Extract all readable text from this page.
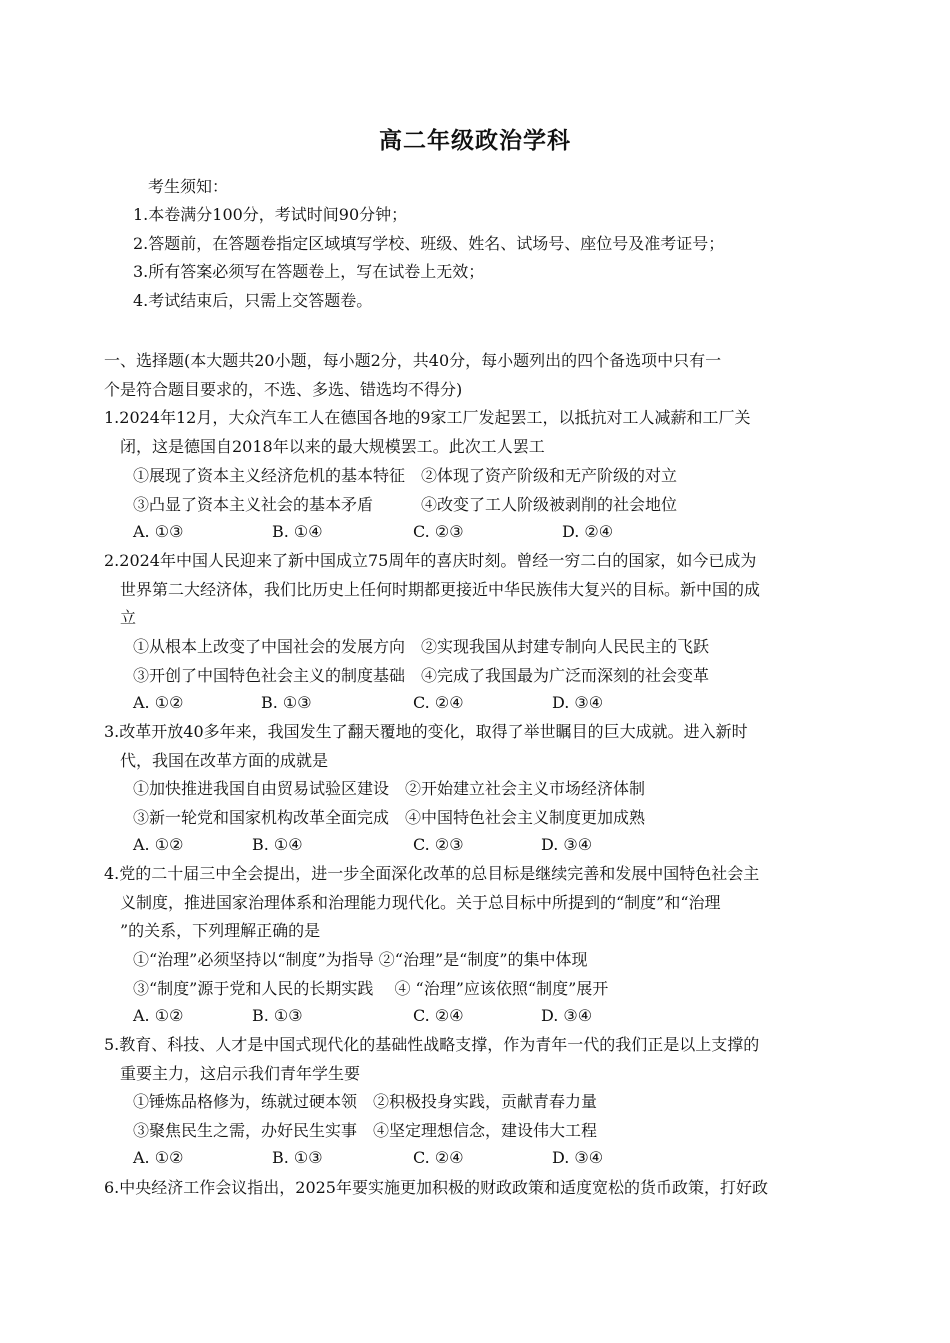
高二年级政治学科
考生须知：
1.本卷满分100分，考试时间90分钟；
2.答题前，在答题卷指定区域填写学校、班级、姓名、试场号、座位号及准考证号；
3.所有答案必须写在答题卷上，写在试卷上无效；
4.考试结束后，只需上交答题卷。
一、选择题(本大题共20小题，每小题2分，共40分，每小题列出的四个备选项中只有一
个是符合题目要求的，不选、多选、错选均不得分)
1.2024年12月，大众汽车工人在德国各地的9家工厂发起罢工，以抵抗对工人减薪和工厂关
闭，这是德国自2018年以来的最大规模罢工。此次工人罢工
①展现了资本主义经济危机的基本特征　②体现了资产阶级和无产阶级的对立
③凸显了资本主义社会的基本矛盾　　　④改变了工人阶级被剥削的社会地位
A. ①③	B. ①④	C. ②③	D. ②④
2.2024年中国人民迎来了新中国成立75周年的喜庆时刻。曾经一穷二白的国家，如今已成为
世界第二大经济体，我们比历史上任何时期都更接近中华民族伟大复兴的目标。新中国的成
立
①从根本上改变了中国社会的发展方向　②实现我国从封建专制向人民民主的飞跃
③开创了中国特色社会主义的制度基础　④完成了我国最为广泛而深刻的社会变革
A. ①②	B. ①③	C. ②④	D. ③④
3.改革开放40多年来，我国发生了翻天覆地的变化，取得了举世瞩目的巨大成就。进入新时
代，我国在改革方面的成就是
①加快推进我国自由贸易试验区建设　②开始建立社会主义市场经济体制
③新一轮党和国家机构改革全面完成　④中国特色社会主义制度更加成熟
A. ①②	B. ①④	C. ②③	D. ③④
4.党的二十届三中全会提出，进一步全面深化改革的总目标是继续完善和发展中国特色社会主
义制度，推进国家治理体系和治理能力现代化。关于总目标中所提到的“制度”和“治理
”的关系，下列理解正确的是
①“治理”必须坚持以“制度”为指导 ②“治理”是“制度”的集中体现
③“制度”源于党和人民的长期实践　 ④ “治理”应该依照“制度”展开
A. ①②	B. ①③	C. ②④	D. ③④
5.教育、科技、人才是中国式现代化的基础性战略支撑，作为青年一代的我们正是以上支撑的
重要主力，这启示我们青年学生要
①锤炼品格修为，练就过硬本领　②积极投身实践，贡献青春力量
③聚焦民生之需，办好民生实事　④坚定理想信念，建设伟大工程
A. ①②	B. ①③	C. ②④	D. ③④
6.中央经济工作会议指出，2025年要实施更加积极的财政政策和适度宽松的货币政策，打好政
